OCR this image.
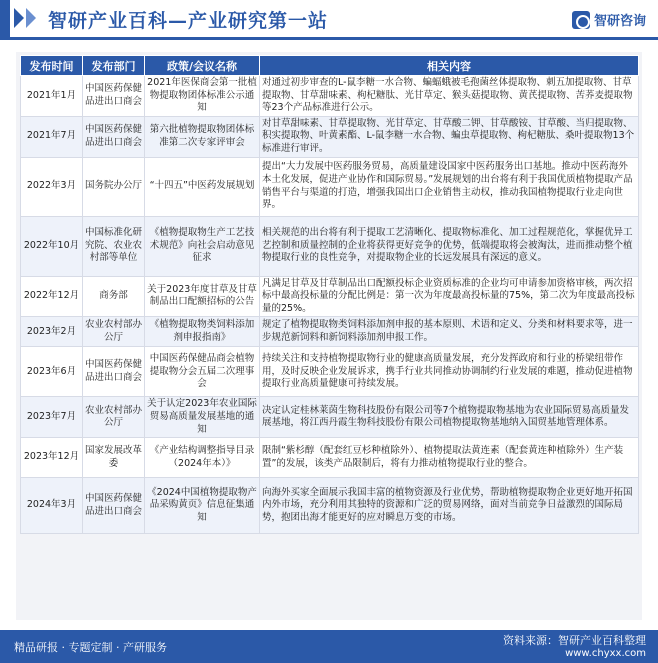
智研产业百科—产业研究第一站	智研咨询
发布时间	发布部门	政策/会议名称	相关内容
2021年1月	中国医药保健品进出口商会	2021年医保商会第一批植物提取物团体标准公示通知	对通过初步审查的L-鼠李糖一水合物、蝙蝠蛾被毛孢菌丝体提取物、刺五加提取物、甘草提取物、甘草甜味素、枸杞糖肽、光甘草定、猴头菇提取物、黄芪提取物、苦荞麦提取物等23个产品标准进行公示。
2021年7月	中国医药保健品进出口商会	第六批植物提取物团体标准第二次专家评审会	对甘草甜味素、甘草提取物、光甘草定、甘草酸二钾、甘草酸铵、甘草酸、当归提取物、积实提取物、叶黄素酯、L-鼠李糖一水合物、蝙虫草提取物、枸杞糖肽、桑叶提取物13个标准进行审评。
2022年3月	国务院办公厅	“十四五”中医药发展规划	提出“大力发展中医药服务贸易，高质量建设国家中医药服务出口基地。推动中医药海外本土化发展，促进产业协作和国际贸易。”发展规划的出台将有利于我国优质植物提取产品销售平台与渠道的打造，增强我国出口企业销售主动权，推动我国植物提取行业走向世界。
2022年10月	中国标准化研究院、农业农村部等单位	《植物提取物生产工艺技术规范》向社会启动意见征求	相关规范的出台将有利于提取工艺清晰化、提取物标准化、加工过程规范化，掌握优异工艺控制和质量控制的企业将获得更好竞争的优势，低端提取将会被淘汰，进而推动整个植物提取行业的良性竞争，对提取物企业的长远发展具有深远的意义。
2022年12月	商务部	关于2023年度甘草及甘草制品出口配额招标的公告	凡满足甘草及甘草制品出口配额投标企业资质标准的企业均可申请参加资格审核，两次招标中最高投标量的分配比例是：第一次为年度最高投标量的75%，第二次为年度最高投标量的25%。
2023年2月	农业农村部办公厅	《植物提取物类饲料添加剂申报指南》	规定了植物提取物类饲料添加剂申报的基本原则、术语和定义、分类和材料要求等，进一步规范新饲料和新饲料添加剂申报工作。
2023年6月	中国医药保健品进出口商会	中国医药保健品商会植物提取物分会五届二次理事会	持续关注和支持植物提取物行业的健康高质量发展，充分发挥政府和行业的桥梁纽带作用，及时反映企业发展诉求，携手行业共同推动协调制约行业发展的难题，推动促进植物提取行业高质量健康可持续发展。
2023年7月	农业农村部办公厅	关于认定2023年农业国际贸易高质量发展基地的通知	决定认定桂林莱茵生物科技股份有限公司等7个植物提取物基地为农业国际贸易高质量发展基地，将江西丹霞生物科技股份有限公司植物提取物基地纳入国贸基地管理体系。
2023年12月	国家发展改革委	《产业结构调整指导目录（2024年本）》	限制“紫杉醇（配套红豆杉种植除外）、植物提取法黄连素（配套黄连种植除外）生产装置”的发展，该类产品限制后，将有力推动植物提取行业的整合。
2024年3月	中国医药保健品进出口商会	《2024中国植物提取物产品采购黄页》信息征集通知	向海外买家全面展示我国丰富的植物资源及行业优势，帮助植物提取物企业更好地开拓国内外市场，充分利用其独特的资源和广泛的贸易网络，面对当前竞争日益激烈的国际局势，抱团出海才能更好的应对瞬息万变的市场。
精品研报 · 专题定制 · 产研服务
资料来源：智研产业百科整理
www.chyxx.com
